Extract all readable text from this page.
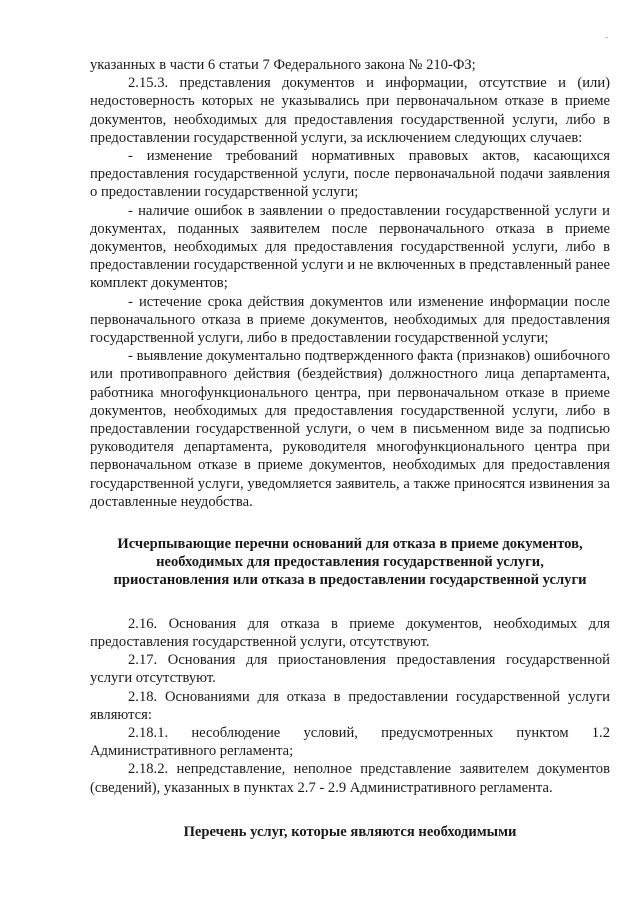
указанных в части 6 статьи 7 Федерального закона № 210-ФЗ;

2.15.3. представления документов и информации, отсутствие и (или) недостоверность которых не указывались при первоначальном отказе в приеме документов, необходимых для предоставления государственной услуги, либо в предоставлении государственной услуги, за исключением следующих случаев:

- изменение требований нормативных правовых актов, касающихся предоставления государственной услуги, после первоначальной подачи заявления о предоставлении государственной услуги;

- наличие ошибок в заявлении о предоставлении государственной услуги и документах, поданных заявителем после первоначального отказа в приеме документов, необходимых для предоставления государственной услуги, либо в предоставлении государственной услуги и не включенных в представленный ранее комплект документов;

- истечение срока действия документов или изменение информации после первоначального отказа в приеме документов, необходимых для предоставления государственной услуги, либо в предоставлении государственной услуги;

- выявление документально подтвержденного факта (признаков) ошибочного или противоправного действия (бездействия) должностного лица департамента, работника многофункционального центра, при первоначальном отказе в приеме документов, необходимых для предоставления государственной услуги, либо в предоставлении государственной услуги, о чем в письменном виде за подписью руководителя департамента, руководителя многофункционального центра при первоначальном отказе в приеме документов, необходимых для предоставления государственной услуги, уведомляется заявитель, а также приносятся извинения за доставленные неудобства.

Исчерпывающие перечни оснований для отказа в приеме документов, необходимых для предоставления государственной услуги, приостановления или отказа в предоставлении государственной услуги

2.16. Основания для отказа в приеме документов, необходимых для предоставления государственной услуги, отсутствуют.

2.17. Основания для приостановления предоставления государственной услуги отсутствуют.

2.18. Основаниями для отказа в предоставлении государственной услуги являются:

2.18.1. несоблюдение условий, предусмотренных пунктом 1.2 Административного регламента;

2.18.2. непредставление, неполное представление заявителем документов (сведений), указанных в пунктах 2.7 - 2.9 Административного регламента.

Перечень услуг, которые являются необходимыми
